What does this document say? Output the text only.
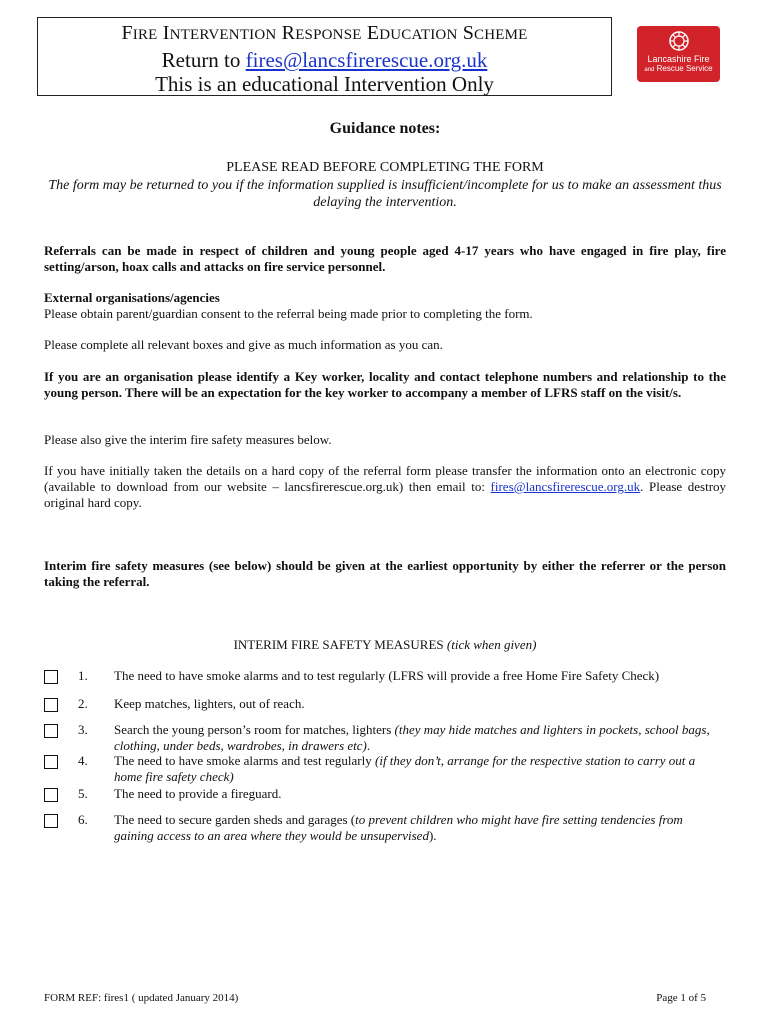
FIRE INTERVENTION RESPONSE EDUCATION SCHEME
Return to fires@lancsfirerescue.org.uk
This is an educational Intervention Only
Lancashire Fire
and Rescue Service
Guidance notes:
PLEASE READ BEFORE COMPLETING THE FORM
The form may be returned to you if the information supplied is insufficient/incomplete for us to make an assessment thus delaying the intervention.
Referrals can be made in respect of children and young people aged 4-17 years who have engaged in fire play, fire setting/arson, hoax calls and attacks on fire service personnel.
External organisations/agencies
Please obtain parent/guardian consent to the referral being made prior to completing the form.
Please complete all relevant boxes and give as much information as you can.
If you are an organisation please identify a Key worker, locality and contact telephone numbers and relationship to the young person. There will be an expectation for the key worker to accompany a member of LFRS staff on the visit/s.
Please also give the interim fire safety measures below.
If you have initially taken the details on a hard copy of the referral form please transfer the information onto an electronic copy (available to download from our website – lancsfirerescue.org.uk) then email to: fires@lancsfirerescue.org.uk. Please destroy original hard copy.
Interim fire safety measures (see below) should be given at the earliest opportunity by either the referrer or the person taking the referral.
INTERIM FIRE SAFETY MEASURES (tick when given)
1. The need to have smoke alarms and to test regularly (LFRS will provide a free Home Fire Safety Check)
2. Keep matches, lighters, out of reach.
3. Search the young person’s room for matches, lighters (they may hide matches and lighters in pockets, school bags, clothing, under beds, wardrobes, in drawers etc).
4. The need to have smoke alarms and test regularly (if they don’t, arrange for the respective station to carry out a home fire safety check)
5. The need to provide a fireguard.
6. The need to secure garden sheds and garages (to prevent children who might have fire setting tendencies from gaining access to an area where they would be unsupervised).
FORM REF: fires1 ( updated January 2014)	Page 1 of 5
